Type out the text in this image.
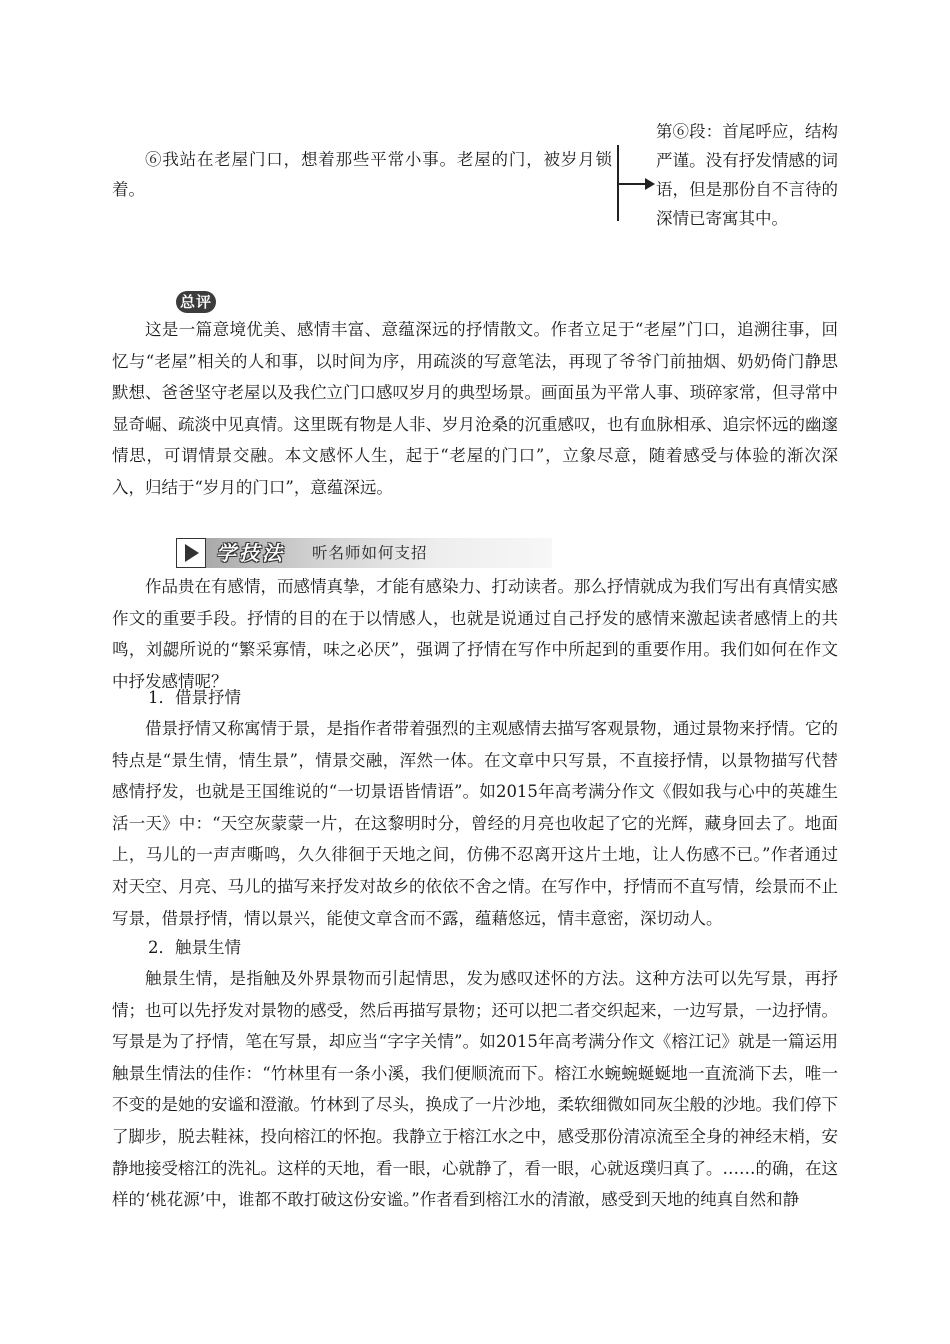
⑥我站在老屋门口，想着那些平常小事。老屋的门，被岁月锁着。

第⑥段：首尾呼应，结构严谨。没有抒发情感的词语，但是那份自不言待的深情已寄寓其中。
总评

这是一篇意境优美、感情丰富、意蕴深远的抒情散文。作者立足于“老屋”门口，追溯往事，回忆与“老屋”相关的人和事，以时间为序，用疏淡的写意笔法，再现了爷爷门前抽烟、奶奶倚门静思默想、爸爸坚守老屋以及我伫立门口感叹岁月的典型场景。画面虽为平常人事、琐碎家常，但寻常中显奇崛、疏淡中见真情。这里既有物是人非、岁月沧桑的沉重感叹，也有血脉相承、追宗怀远的幽邃情思，可谓情景交融。本文感怀人生，起于“老屋的门口”，立象尽意，随着感受与体验的渐次深入，归结于“岁月的门口”，意蕴深远。

学技法 听名师如何支招

作品贵在有感情，而感情真挚，才能有感染力、打动读者。那么抒情就成为我们写出有真情实感作文的重要手段。抒情的目的在于以情感人，也就是说通过自己抒发的感情来激起读者感情上的共鸣，刘勰所说的“繁采寡情，味之必厌”，强调了抒情在写作中所起到的重要作用。我们如何在作文中抒发感情呢？

1．借景抒情

借景抒情又称寓情于景，是指作者带着强烈的主观感情去描写客观景物，通过景物来抒情。它的特点是“景生情，情生景”，情景交融，浑然一体。在文章中只写景，不直接抒情，以景物描写代替感情抒发，也就是王国维说的“一切景语皆情语”。如2015年高考满分作文《假如我与心中的英雄生活一天》中：“天空灰蒙蒙一片，在这黎明时分，曾经的月亮也收起了它的光辉，藏身回去了。地面上，马儿的一声声嘶鸣，久久徘徊于天地之间，仿佛不忍离开这片土地，让人伤感不已。”作者通过对天空、月亮、马儿的描写来抒发对故乡的依依不舍之情。在写作中，抒情而不直写情，绘景而不止写景，借景抒情，情以景兴，能使文章含而不露，蕴藉悠远，情丰意密，深切动人。

2．触景生情

触景生情，是指触及外界景物而引起情思，发为感叹述怀的方法。这种方法可以先写景，再抒情；也可以先抒发对景物的感受，然后再描写景物；还可以把二者交织起来，一边写景，一边抒情。写景是为了抒情，笔在写景，却应当“字字关情”。如2015年高考满分作文《榕江记》就是一篇运用触景生情法的佳作：“竹林里有一条小溪，我们便顺流而下。榕江水蜿蜿蜒蜒地一直流淌下去，唯一不变的是她的安谧和澄澈。竹林到了尽头，换成了一片沙地，柔软细微如同灰尘般的沙地。我们停下了脚步，脱去鞋袜，投向榕江的怀抱。我静立于榕江水之中，感受那份清凉流至全身的神经末梢，安静地接受榕江的洗礼。这样的天地，看一眼，心就静了，看一眼，心就返璞归真了。……的确，在这样的‘桃花源’中，谁都不敢打破这份安谧。”作者看到榕江水的清澈，感受到天地的纯真自然和静
